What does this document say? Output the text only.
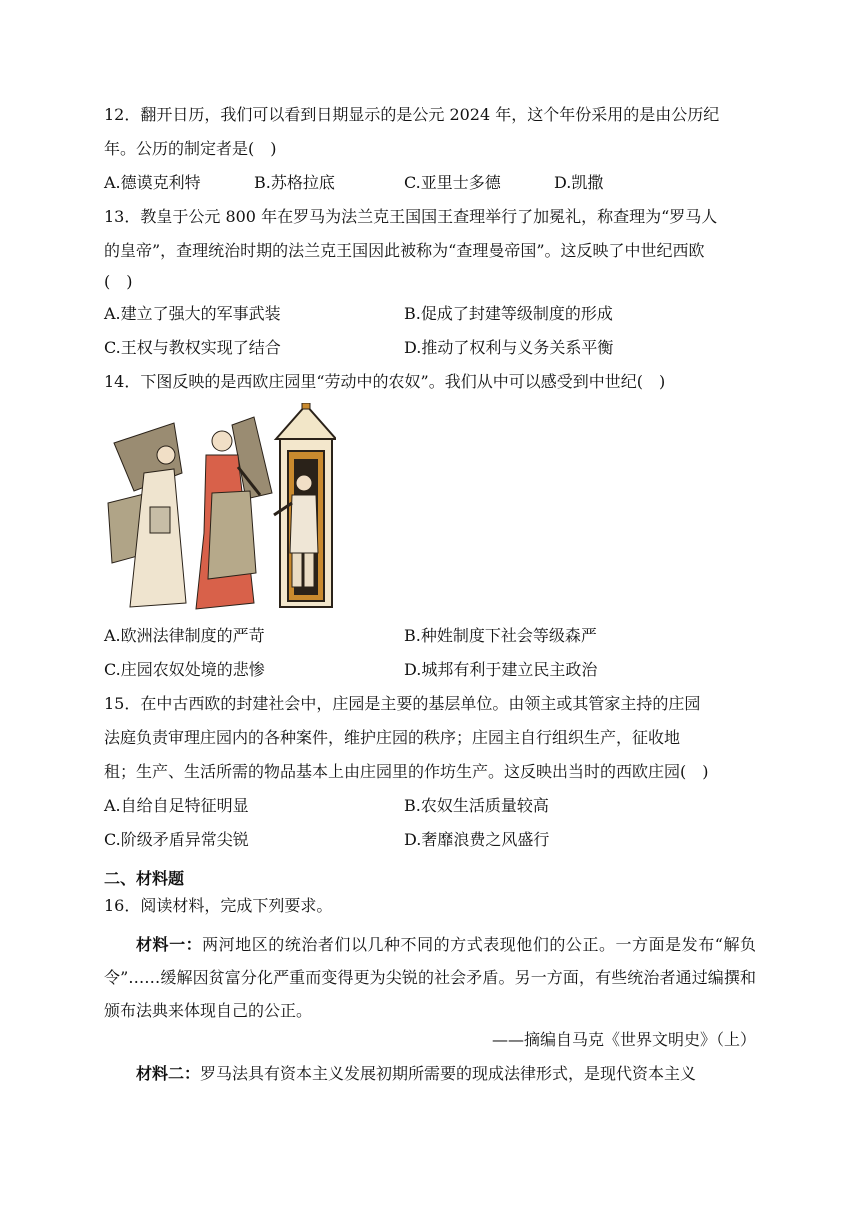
12．翻开日历，我们可以看到日期显示的是公元 2024 年，这个年份采用的是由公历纪
年。公历的制定者是(　)
A.德谟克利特	B.苏格拉底	C.亚里士多德	D.凯撒
13．教皇于公元 800 年在罗马为法兰克王国国王查理举行了加冕礼，称查理为“罗马人
的皇帝”，查理统治时期的法兰克王国因此被称为“查理曼帝国”。这反映了中世纪西欧
(　)
A.建立了强大的军事武装	B.促成了封建等级制度的形成
C.王权与教权实现了结合	D.推动了权利与义务关系平衡
14．下图反映的是西欧庄园里“劳动中的农奴”。我们从中可以感受到中世纪(　)
A.欧洲法律制度的严苛	B.种姓制度下社会等级森严
C.庄园农奴处境的悲惨	D.城邦有利于建立民主政治
15．在中古西欧的封建社会中，庄园是主要的基层单位。由领主或其管家主持的庄园
法庭负责审理庄园内的各种案件，维护庄园的秩序；庄园主自行组织生产，征收地
租；生产、生活所需的物品基本上由庄园里的作坊生产。这反映出当时的西欧庄园(　)
A.自给自足特征明显	B.农奴生活质量较高
C.阶级矛盾异常尖锐	D.奢靡浪费之风盛行
二、材料题
16．阅读材料，完成下列要求。
材料一：两河地区的统治者们以几种不同的方式表现他们的公正。一方面是发布“解负令”……缓解因贫富分化严重而变得更为尖锐的社会矛盾。另一方面，有些统治者通过编撰和颁布法典来体现自己的公正。
——摘编自马克《世界文明史》（上）
材料二：罗马法具有资本主义发展初期所需要的现成法律形式，是现代资本主义
